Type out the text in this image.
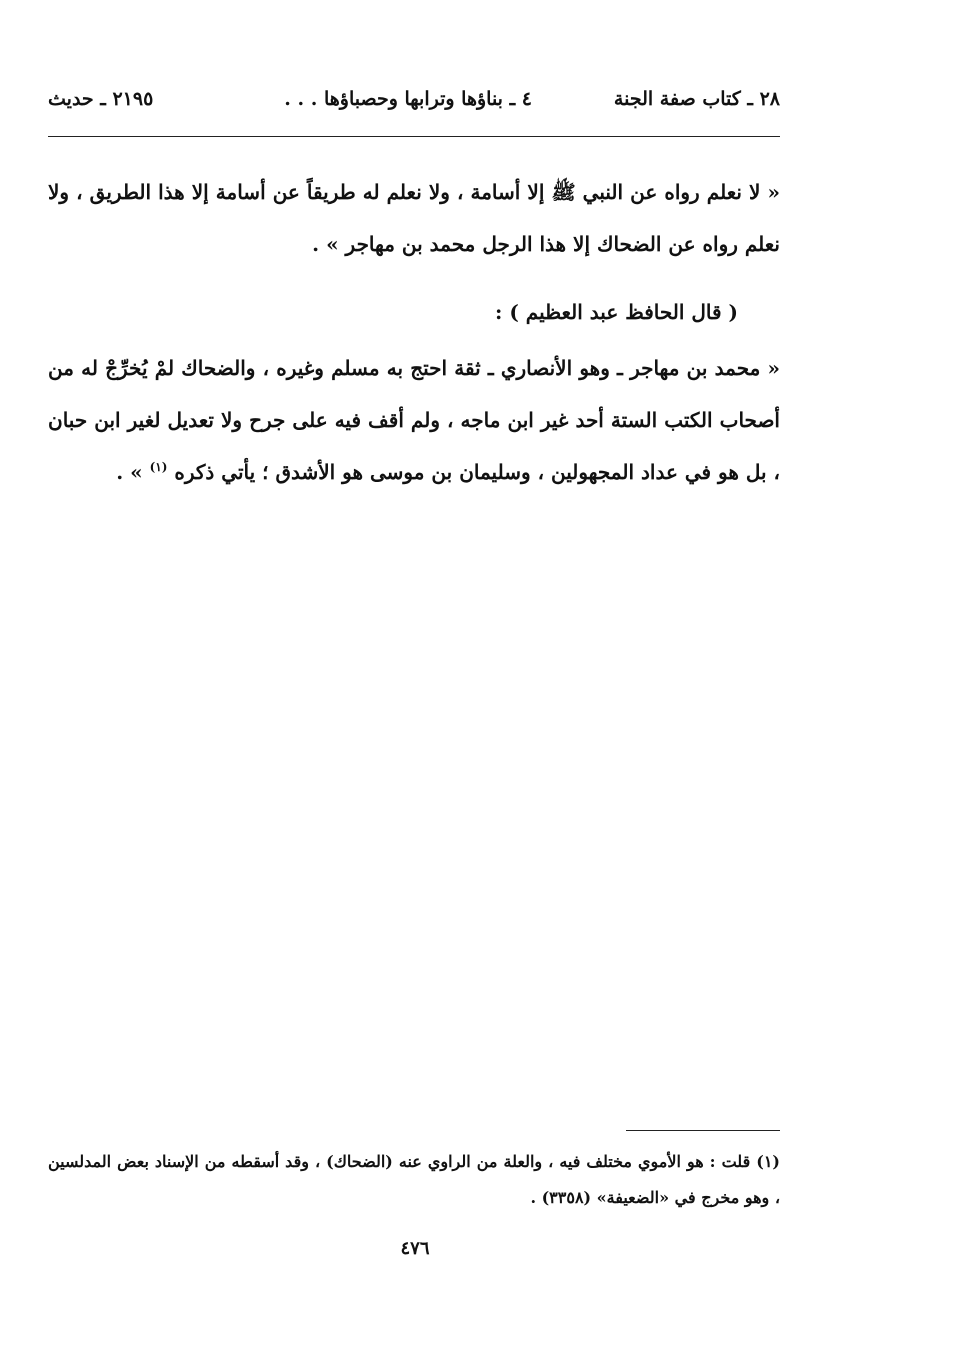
٢٨ ـ كتاب صفة الجنة
٤ ـ بناؤها وترابها وحصباؤها . . .
٢١٩٥ ـ حديث

« لا نعلم رواه عن النبي ﷺ إلا أسامة ، ولا نعلم له طريقاً عن أسامة إلا هذا الطريق ، ولا نعلم رواه عن الضحاك إلا هذا الرجل محمد بن مهاجر » .

( قال الحافظ عبد العظيم ) :

« محمد بن مهاجر ـ وهو الأنصاري ـ ثقة احتج به مسلم وغيره ، والضحاك لمْ يُخرِّجْ له من أصحاب الكتب الستة أحد غير ابن ماجه ، ولم أقف فيه على جرح ولا تعديل لغير ابن حبان ، بل هو في عداد المجهولين ، وسليمان بن موسى هو الأشدق ؛ يأتي ذكره $^{(١)}$ » .

(١) قلت : هو الأموي مختلف فيه ، والعلة من الراوي عنه (الضحاك) ، وقد أسقطه من الإسناد بعض المدلسين ، وهو مخرج في «الضعيفة» (٣٣٥٨) .

٤٧٦
